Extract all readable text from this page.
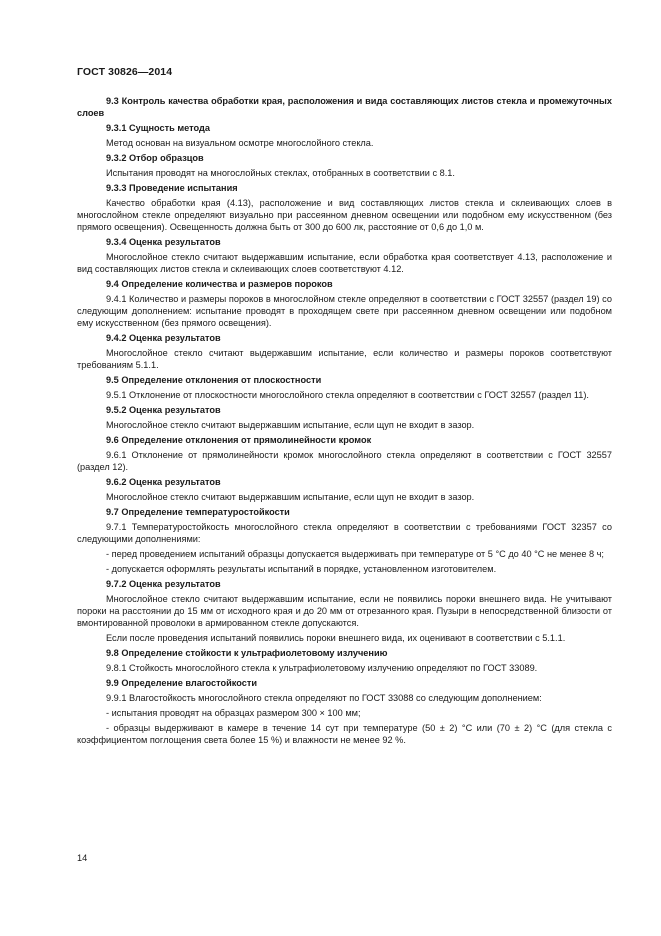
ГОСТ 30826—2014

9.3 Контроль качества обработки края, расположения и вида составляющих листов стекла и промежуточных слоев

9.3.1 Сущность метода

Метод основан на визуальном осмотре многослойного стекла.

9.3.2 Отбор образцов

Испытания проводят на многослойных стеклах, отобранных в соответствии с 8.1.

9.3.3 Проведение испытания

Качество обработки края (4.13), расположение и вид составляющих листов стекла и склеивающих слоев в многослойном стекле определяют визуально при рассеянном дневном освещении или подобном ему искусственном (без прямого освещения). Освещенность должна быть от 300 до 600 лк, расстояние от 0,6 до 1,0 м.

9.3.4 Оценка результатов

Многослойное стекло считают выдержавшим испытание, если обработка края соответствует 4.13, расположение и вид составляющих листов стекла и склеивающих слоев соответствуют 4.12.

9.4 Определение количества и размеров пороков

9.4.1 Количество и размеры пороков в многослойном стекле определяют в соответствии с ГОСТ 32557 (раздел 19) со следующим дополнением: испытание проводят в проходящем свете при рассеянном дневном освещении или подобном ему искусственном (без прямого освещения).

9.4.2 Оценка результатов

Многослойное стекло считают выдержавшим испытание, если количество и размеры пороков соответствуют требованиям 5.1.1.

9.5 Определение отклонения от плоскостности

9.5.1 Отклонение от плоскостности многослойного стекла определяют в соответствии с ГОСТ 32557 (раздел 11).

9.5.2 Оценка результатов

Многослойное стекло считают выдержавшим испытание, если щуп не входит в зазор.

9.6 Определение отклонения от прямолинейности кромок

9.6.1 Отклонение от прямолинейности кромок многослойного стекла определяют в соответствии с ГОСТ 32557 (раздел 12).

9.6.2 Оценка результатов

Многослойное стекло считают выдержавшим испытание, если щуп не входит в зазор.

9.7 Определение температуростойкости

9.7.1 Температуростойкость многослойного стекла определяют в соответствии с требованиями ГОСТ 32357 со следующими дополнениями:

- перед проведением испытаний образцы допускается выдерживать при температуре от 5 °С до 40 °С не менее 8 ч;

- допускается оформлять результаты испытаний в порядке, установленном изготовителем.

9.7.2 Оценка результатов

Многослойное стекло считают выдержавшим испытание, если не появились пороки внешнего вида. Не учитывают пороки на расстоянии до 15 мм от исходного края и до 20 мм от отрезанного края. Пузыри в непосредственной близости от вмонтированной проволоки в армированном стекле допускаются.

Если после проведения испытаний появились пороки внешнего вида, их оценивают в соответствии с 5.1.1.

9.8 Определение стойкости к ультрафиолетовому излучению

9.8.1 Стойкость многослойного стекла к ультрафиолетовому излучению определяют по ГОСТ 33089.

9.9 Определение влагостойкости

9.9.1 Влагостойкость многослойного стекла определяют по ГОСТ 33088 со следующим дополнением:

- испытания проводят на образцах размером 300 × 100 мм;

- образцы выдерживают в камере в течение 14 сут при температуре (50 ± 2) °С или (70 ± 2) °С (для стекла с коэффициентом поглощения света более 15 %) и влажности не менее 92 %.

14
